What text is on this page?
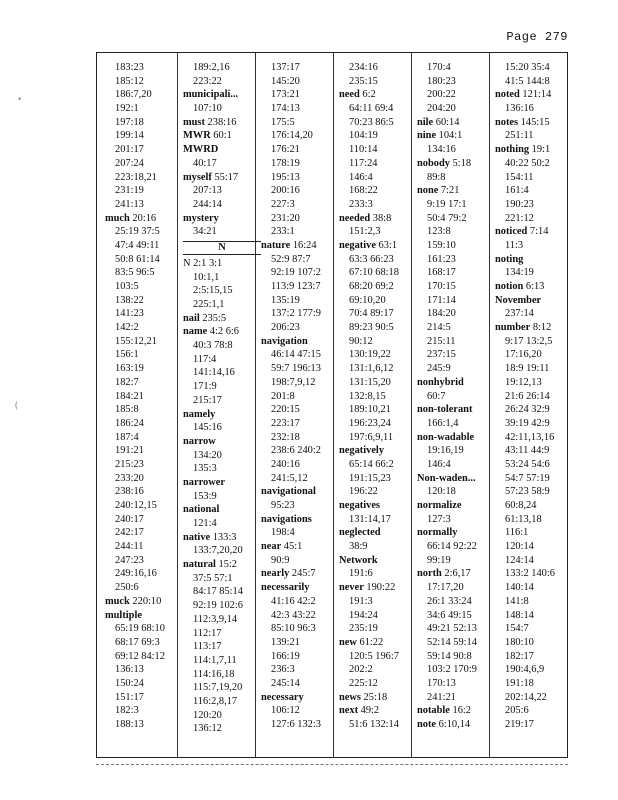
Page 279
183:23
185:12
186:7,20
192:1
197:18
199:14
201:17
207:24
223:18,21
231:19
241:13
much 20:16
25:19 37:5
47:4 49:11
50:8 61:14
83:5 96:5
103:5
138:22
141:23
142:2
155:12,21
156:1
163:19
182:7
184:21
185:8
186:24
187:4
191:21
215:23
233:20
238:16
240:12,15
240:17
242:17
244:11
247:23
249:16,16
250:6
muck 220:10
multiple
65:19 68:10
68:17 69:3
69:12 84:12
136:13
150:24
151:17
182:3
188:13
189:2,16
223:22
municipali...
107:10
must 238:16
MWR 60:1
MWRD
40:17
myself 55:17
207:13
244:14
mystery
34:21
N
N 2:1 3:1
10:1,1
2:5:15,15
225:1,1
nail 235:5
name 4:2 6:6
40:3 78:8
117:4
141:14,16
171:9
215:17
namely
145:16
narrow
134:20
135:3
narrower
153:9
national
121:4
native 133:3
133:7,20,20
natural 15:2
37:5 57:1
84:17 85:14
92:19 102:6
112:3,9,14
112:17
113:17
114:1,7,11
114:16,18
115:7,19,20
116:2,8,17
120:20
136:12
137:17
145:20
173:21
174:13
175:5
176:14,20
176:21
178:19
195:13
200:16
227:3
231:20
233:1
nature 16:24
52:9 87:7
92:19 107:2
113:9 123:7
135:19
137:2 177:9
206:23
navigation
46:14 47:15
59:7 196:13
198:7,9,12
201:8
220:15
223:17
232:18
238:6 240:2
240:16
241:5,12
navigational
95:23
navigations
198:4
near 45:1
90:9
nearly 245:7
necessarily
41:16 42:2
42:3 43:22
85:10 96:3
139:21
166:19
236:3
245:14
necessary
106:12
127:6 132:3
234:16
235:15
need 6:2
64:11 69:4
70:23 86:5
104:19
110:14
117:24
146:4
168:22
233:3
needed 38:8
151:2,3
negative 63:1
63:3 66:23
67:10 68:18
68:20 69:2
69:10,20
70:4 89:17
89:23 90:5
90:12
130:19,22
131:1,6,12
131:15,20
132:8,15
189:10,21
196:23,24
197:6,9,11
negatively
65:14 66:2
191:15,23
196:22
negatives
131:14,17
neglected
38:9
Network
191:6
never 190:22
191:3
194:24
235:19
new 61:22
120:5 196:7
202:2
225:12
news 25:18
next 49:2
51:6 132:14
170:4
180:23
200:22
204:20
nile 60:14
nine 104:1
134:16
nobody 5:18
89:8
none 7:21
9:19 17:1
50:4 79:2
123:8
159:10
161:23
168:17
170:15
171:14
184:20
214:5
215:11
237:15
245:9
nonhybrid
60:7
non-tolerant
166:1,4
non-wadable
19:16,19
146:4
Non-waden...
120:18
normalize
127:3
normally
66:14 92:22
99:19
north 2:6,17
17:17,20
26:1 33:24
34:6 49:15
49:21 52:13
52:14 59:14
59:14 90:8
103:2 170:9
170:13
241:21
notable 16:2
note 6:10,14
15:20 35:4
41:5 144:8
noted 121:14
136:16
notes 145:15
251:11
nothing 19:1
40:22 50:2
154:11
161:4
190:23
221:12
noticed 7:14
11:3
noting
134:19
notion 6:13
November
237:14
number 8:12
9:17 13:2,5
17:16,20
18:9 19:11
19:12,13
21:6 26:14
26:24 32:9
39:19 42:9
42:11,13,16
43:11 44:9
53:24 54:6
54:7 57:19
57:23 58:9
60:8,24
61:13,18
116:1
120:14
124:14
133:2 140:6
140:14
141:8
148:14
154:7
180:10
182:17
190:4,6,9
191:18
202:14,22
205:6
219:17
•
{
